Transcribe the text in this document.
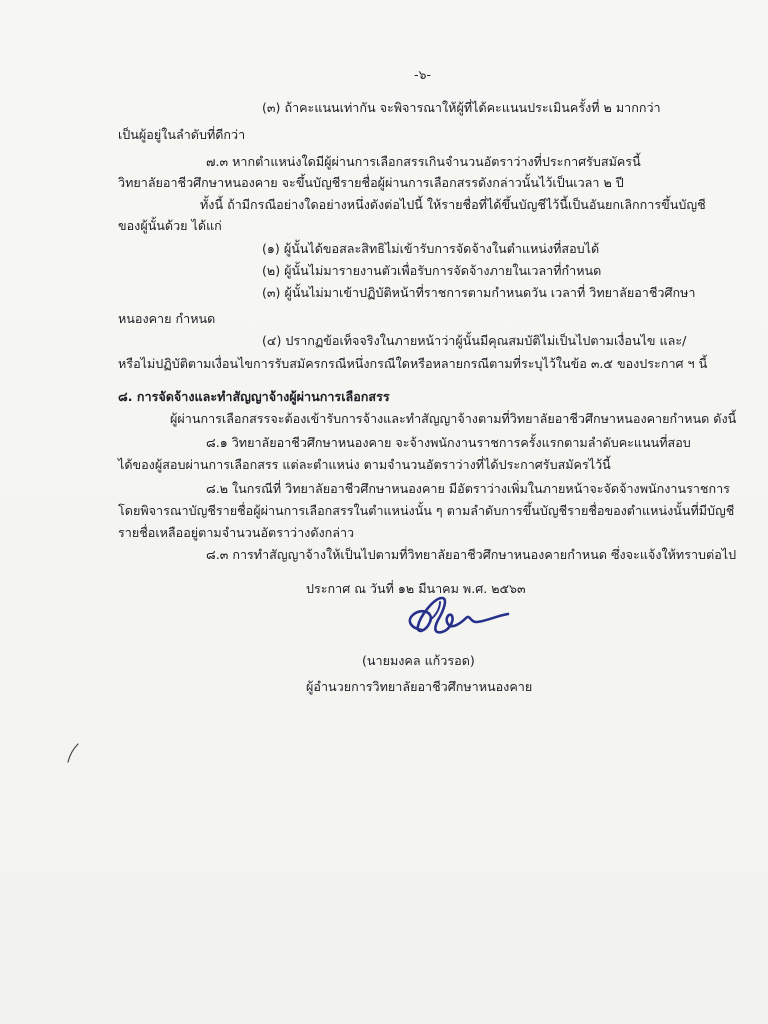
-๖-

(๓) ถ้าคะแนนเท่ากัน จะพิจารณาให้ผู้ที่ได้คะแนนประเมินครั้งที่ ๒ มากกว่า

เป็นผู้อยู่ในลำดับที่ดีกว่า

๗.๓ หากตำแหน่งใดมีผู้ผ่านการเลือกสรรเกินจำนวนอัตราว่างที่ประกาศรับสมัครนี้

วิทยาลัยอาชีวศึกษาหนองคาย จะขึ้นบัญชีรายชื่อผู้ผ่านการเลือกสรรดังกล่าวนั้นไว้เป็นเวลา ๒ ปี

ทั้งนี้ ถ้ามีกรณีอย่างใดอย่างหนึ่งดังต่อไปนี้ ให้รายชื่อที่ได้ขึ้นบัญชีไว้นี้เป็นอันยกเลิกการขึ้นบัญชี

ของผู้นั้นด้วย ได้แก่

(๑) ผู้นั้นได้ขอสละสิทธิไม่เข้ารับการจัดจ้างในตำแหน่งที่สอบได้

(๒) ผู้นั้นไม่มารายงานตัวเพื่อรับการจัดจ้างภายในเวลาที่กำหนด

(๓) ผู้นั้นไม่มาเข้าปฏิบัติหน้าที่ราชการตามกำหนดวัน เวลาที่ วิทยาลัยอาชีวศึกษา

หนองคาย กำหนด

(๔) ปรากฏข้อเท็จจริงในภายหน้าว่าผู้นั้นมีคุณสมบัติไม่เป็นไปตามเงื่อนไข และ/

หรือไม่ปฏิบัติตามเงื่อนไขการรับสมัครกรณีหนึ่งกรณีใดหรือหลายกรณีตามที่ระบุไว้ในข้อ ๓.๕ ของประกาศ ฯ นี้

๘. การจัดจ้างและทำสัญญาจ้างผู้ผ่านการเลือกสรร

ผู้ผ่านการเลือกสรรจะต้องเข้ารับการจ้างและทำสัญญาจ้างตามที่วิทยาลัยอาชีวศึกษาหนองคายกำหนด ดังนี้

๘.๑ วิทยาลัยอาชีวศึกษาหนองคาย จะจ้างพนักงานราชการครั้งแรกตามลำดับคะแนนที่สอบ

ได้ของผู้สอบผ่านการเลือกสรร แต่ละตำแหน่ง ตามจำนวนอัตราว่างที่ได้ประกาศรับสมัครไว้นี้

๘.๒ ในกรณีที่ วิทยาลัยอาชีวศึกษาหนองคาย มีอัตราว่างเพิ่มในภายหน้าจะจัดจ้างพนักงานราชการ

โดยพิจารณาบัญชีรายชื่อผู้ผ่านการเลือกสรรในตำแหน่งนั้น ๆ ตามลำดับการขึ้นบัญชีรายชื่อของตำแหน่งนั้นที่มีบัญชี

รายชื่อเหลืออยู่ตามจำนวนอัตราว่างดังกล่าว

๘.๓ การทำสัญญาจ้างให้เป็นไปตามที่วิทยาลัยอาชีวศึกษาหนองคายกำหนด ซึ่งจะแจ้งให้ทราบต่อไป

ประกาศ ณ วันที่ ๑๒ มีนาคม พ.ศ. ๒๕๖๓

(นายมงคล แก้วรอด)

ผู้อำนวยการวิทยาลัยอาชีวศึกษาหนองคาย
